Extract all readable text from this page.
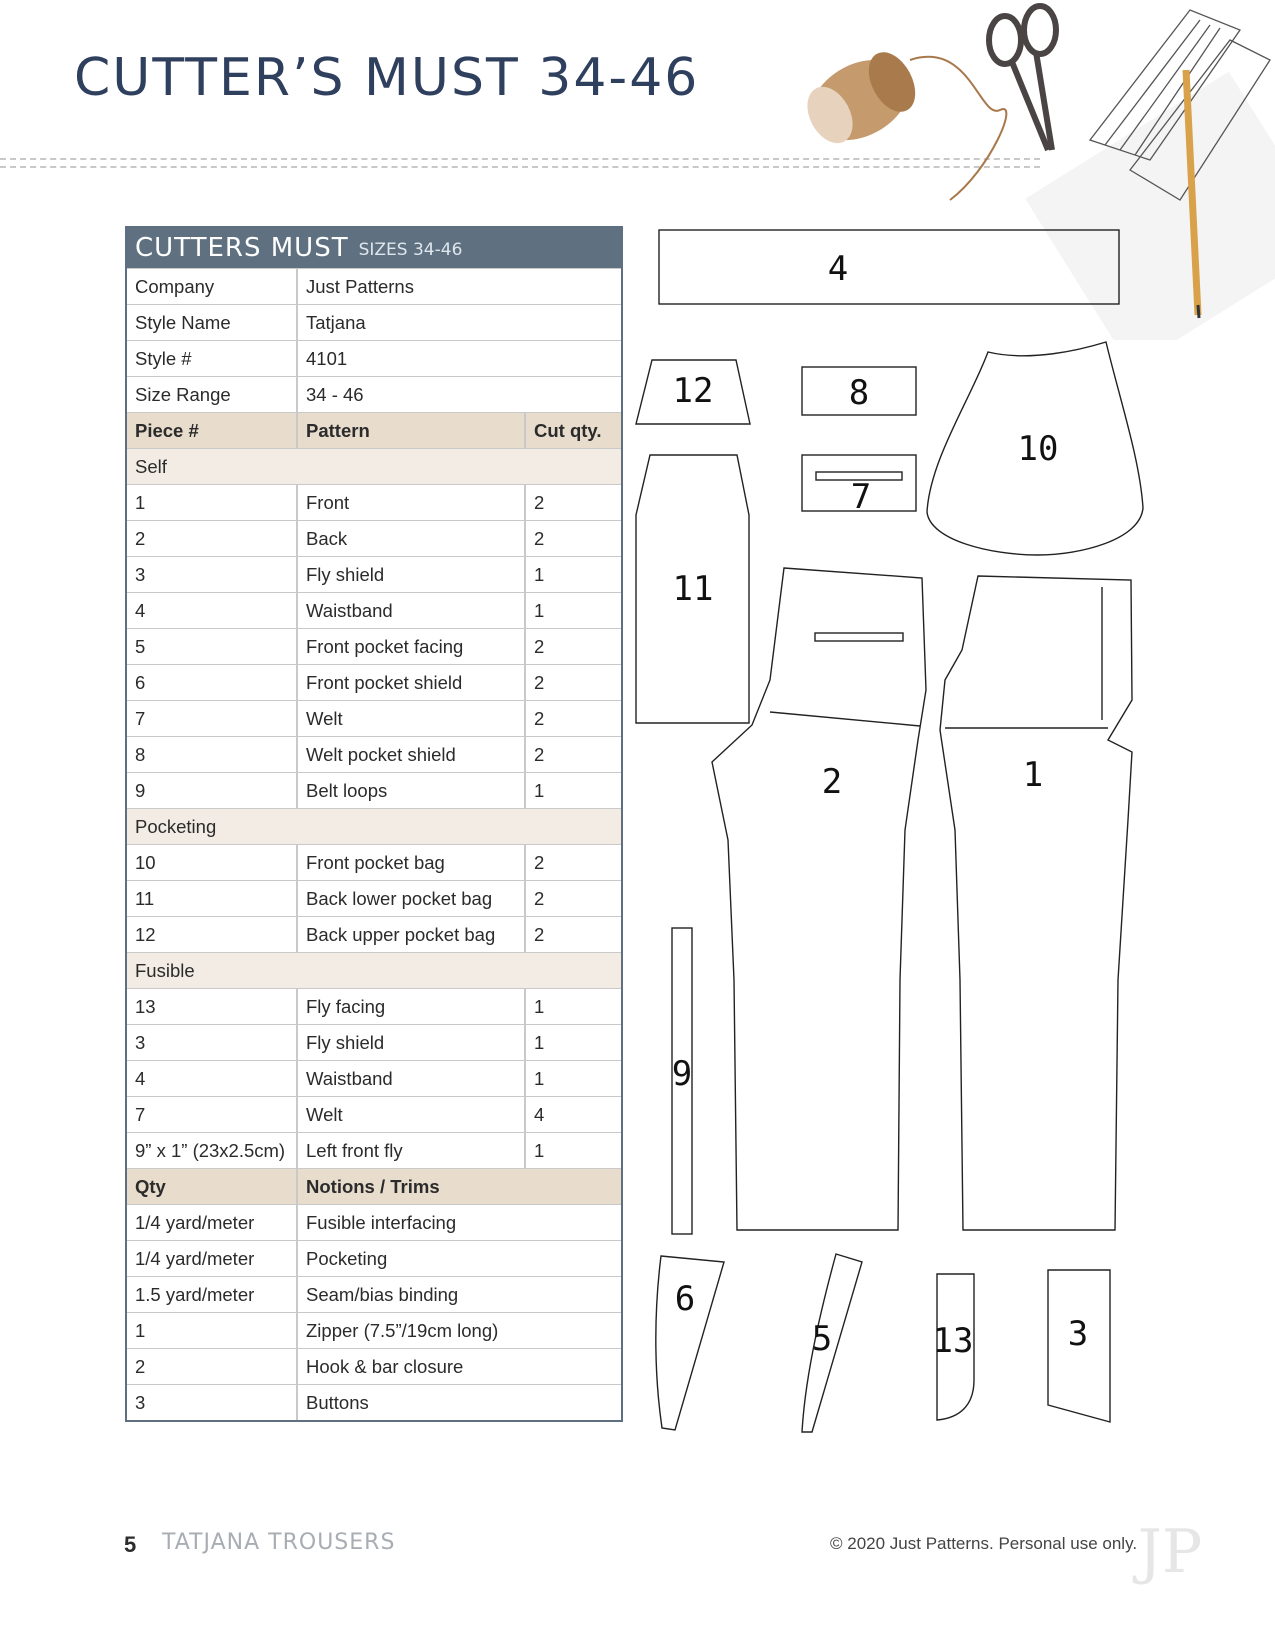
CUTTER’S MUST 34-46
CUTTERS MUST SIZES 34-46
Company	Just Patterns
Style Name	Tatjana
Style #	4101
Size Range	34 - 46
Piece #	Pattern	Cut qty.
Self
1	Front	2
2	Back	2
3	Fly shield	1
4	Waistband	1
5	Front pocket facing	2
6	Front pocket shield	2
7	Welt	2
8	Welt pocket shield	2
9	Belt loops	1
Pocketing
10	Front pocket bag	2
11	Back lower pocket bag	2
12	Back upper pocket bag	2
Fusible
13	Fly facing	1
3	Fly shield	1
4	Waistband	1
7	Welt	4
9” x 1” (23x2.5cm)	Left front fly	1
Qty	Notions / Trims
1/4 yard/meter	Fusible interfacing
1/4 yard/meter	Pocketing
1.5 yard/meter	Seam/bias binding
1	Zipper (7.5”/19cm long)
2	Hook & bar closure
3	Buttons
4
12	8
7
10
11
2	1
9
6
5	13	3
5 TATJANA TROUSERS	© 2020 Just Patterns. Personal use only. JP
